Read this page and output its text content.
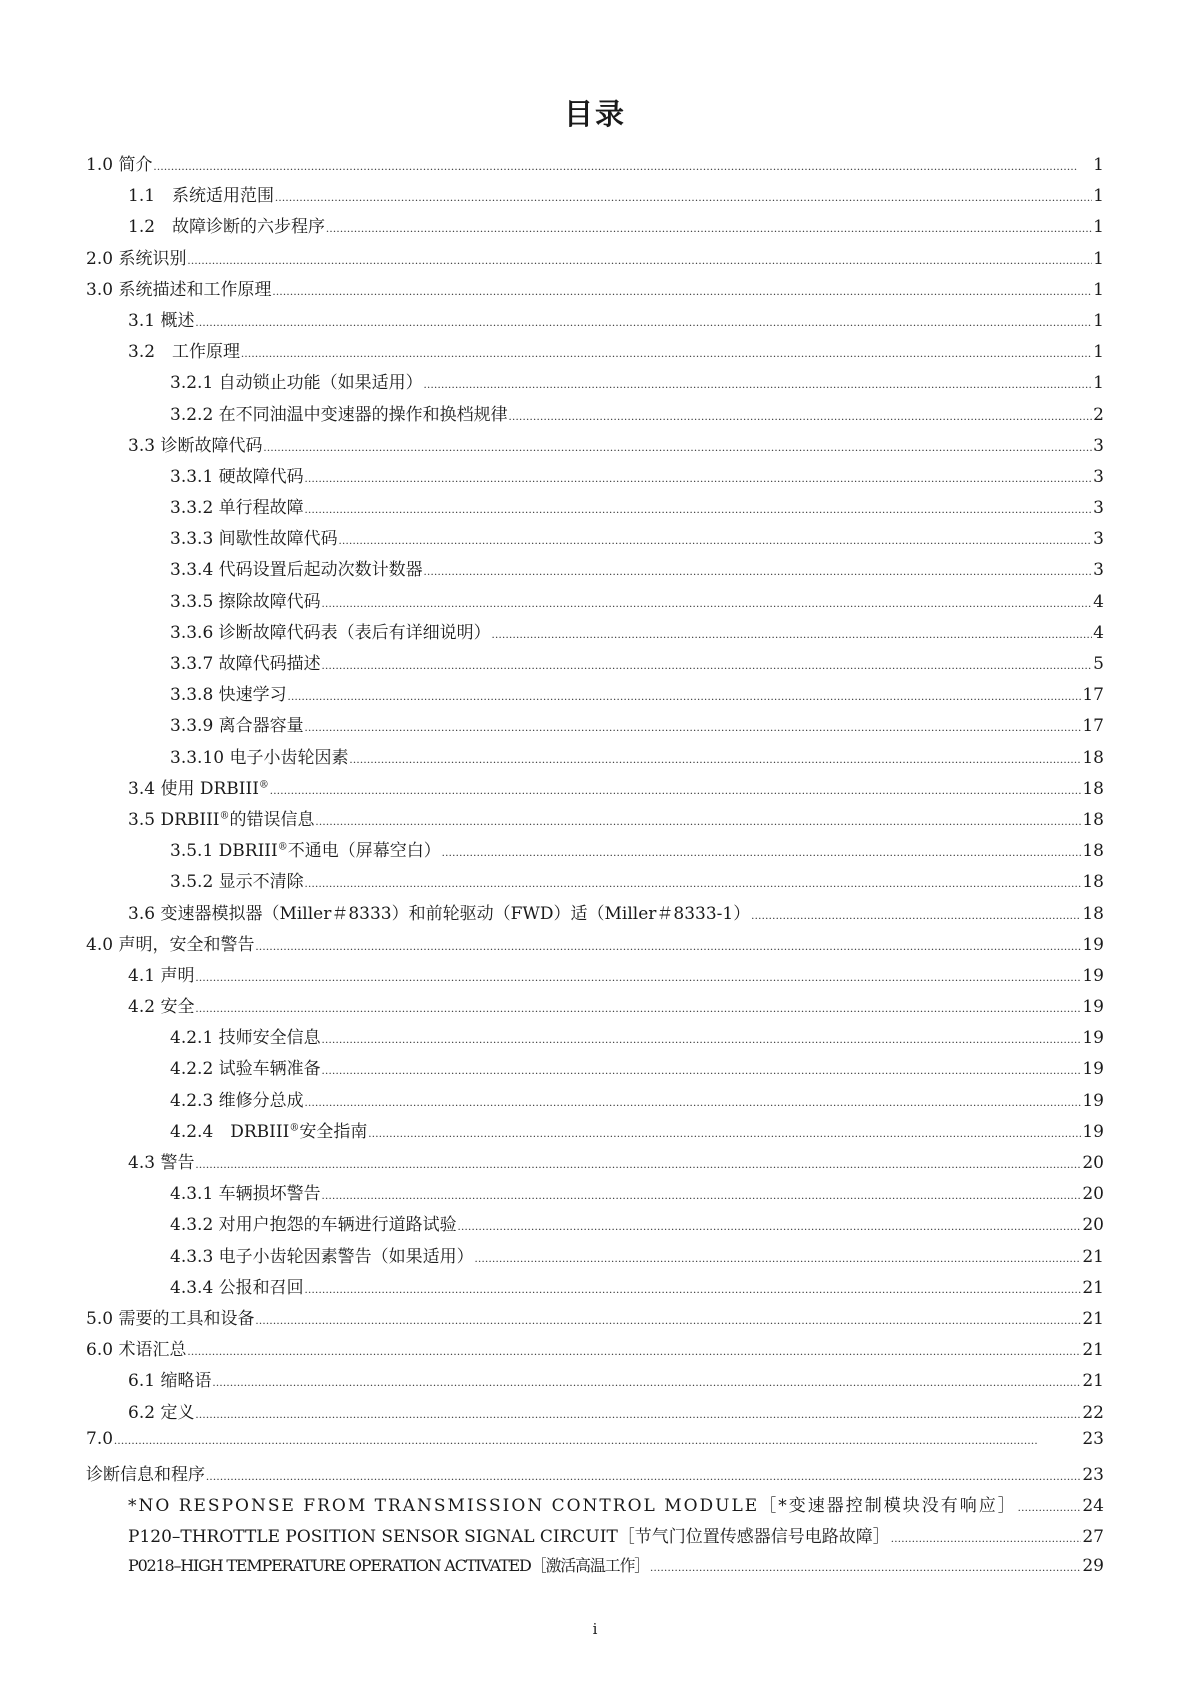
目录
1.0 简介 .....	1
1.1　系统适用范围 .....	1
1.2　故障诊断的六步程序 .....	1
2.0 系统识别 .....	1
3.0 系统描述和工作原理 .....	1
3.1 概述 .....	1
3.2　工作原理 .....	1
3.2.1 自动锁止功能（如果适用） .....	1
3.2.2 在不同油温中变速器的操作和换档规律 .....	2
3.3 诊断故障代码 .....	3
3.3.1 硬故障代码 .....	3
3.3.2 单行程故障 .....	3
3.3.3 间歇性故障代码 .....	3
3.3.4 代码设置后起动次数计数器 .....	3
3.3.5 擦除故障代码 .....	4
3.3.6 诊断故障代码表（表后有详细说明） .....	4
3.3.7 故障代码描述 .....	5
3.3.8 快速学习 .....	17
3.3.9 离合器容量 .....	17
3.3.10 电子小齿轮因素 .....	18
3.4 使用 DRBIII® .....	18
3.5 DRBIII®的错误信息 .....	18
3.5.1 DBRIII®不通电（屏幕空白） .....	18
3.5.2 显示不清除 .....	18
3.6 变速器模拟器（Miller＃8333）和前轮驱动（FWD）适（Miller＃8333-1） .....	18
4.0 声明，安全和警告 .....	19
4.1 声明 .....	19
4.2 安全 .....	19
4.2.1 技师安全信息 .....	19
4.2.2 试验车辆准备 .....	19
4.2.3 维修分总成 .....	19
4.2.4　DRBIII®安全指南 .....	19
4.3 警告 .....	20
4.3.1 车辆损坏警告 .....	20
4.3.2 对用户抱怨的车辆进行道路试验 .....	20
4.3.3 电子小齿轮因素警告（如果适用） .....	21
4.3.4 公报和召回 .....	21
5.0 需要的工具和设备 .....	21
6.0 术语汇总 .....	21
6.1 缩略语 .....	21
6.2 定义 .....	22
7.0 .....	23
诊断信息和程序 .....	23
*NO RESPONSE FROM TRANSMISSION CONTROL MODULE［*变速器控制模块没有响应］ .....	24
P120–THROTTLE POSITION SENSOR SIGNAL CIRCUIT［节气门位置传感器信号电路故障］ .....	27
P0218–HIGH TEMPERATURE OPERATION ACTIVATED［激活高温工作］ .....	29
i
